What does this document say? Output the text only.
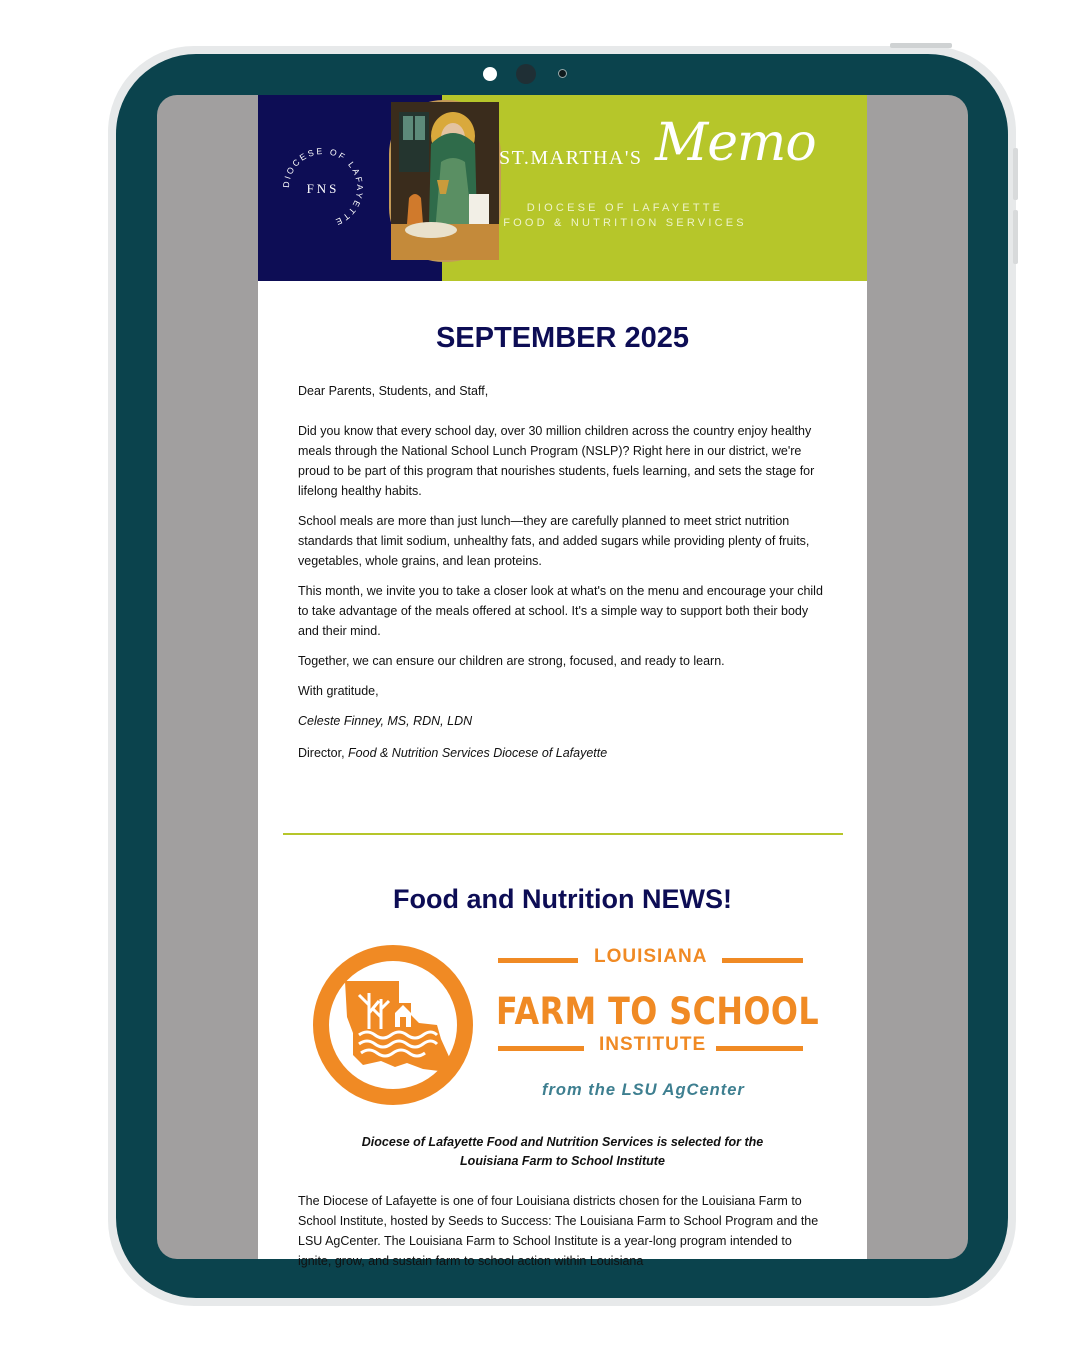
DIOCESE OF LAFAYETTE
FNS
ST.MARTHA'S Memo
DIOCESE OF LAFAYETTE
FOOD & NUTRITION SERVICES
SEPTEMBER 2025

Dear Parents, Students, and Staff,

Did you know that every school day, over 30 million children across the country enjoy healthy meals through the National School Lunch Program (NSLP)? Right here in our district, we're proud to be part of this program that nourishes students, fuels learning, and sets the stage for lifelong healthy habits.

School meals are more than just lunch—they are carefully planned to meet strict nutrition standards that limit sodium, unhealthy fats, and added sugars while providing plenty of fruits, vegetables, whole grains, and lean proteins.

This month, we invite you to take a closer look at what's on the menu and encourage your child to take advantage of the meals offered at school. It's a simple way to support both their body and their mind.

Together, we can ensure our children are strong, focused, and ready to learn.

With gratitude,

Celeste Finney, MS, RDN, LDN

Director, Food & Nutrition Services Diocese of Lafayette

Food and Nutrition NEWS!
LOUISIANA
FARM TO SCHOOL
INSTITUTE
from the LSU AgCenter
Diocese of Lafayette Food and Nutrition Services is selected for the
Louisiana Farm to School Institute
The Diocese of Lafayette is one of four Louisiana districts chosen for the Louisiana Farm to School Institute, hosted by Seeds to Success: The Louisiana Farm to School Program and the LSU AgCenter. The Louisiana Farm to School Institute is a year-long program intended to ignite, grow, and sustain farm to school action within Louisiana
